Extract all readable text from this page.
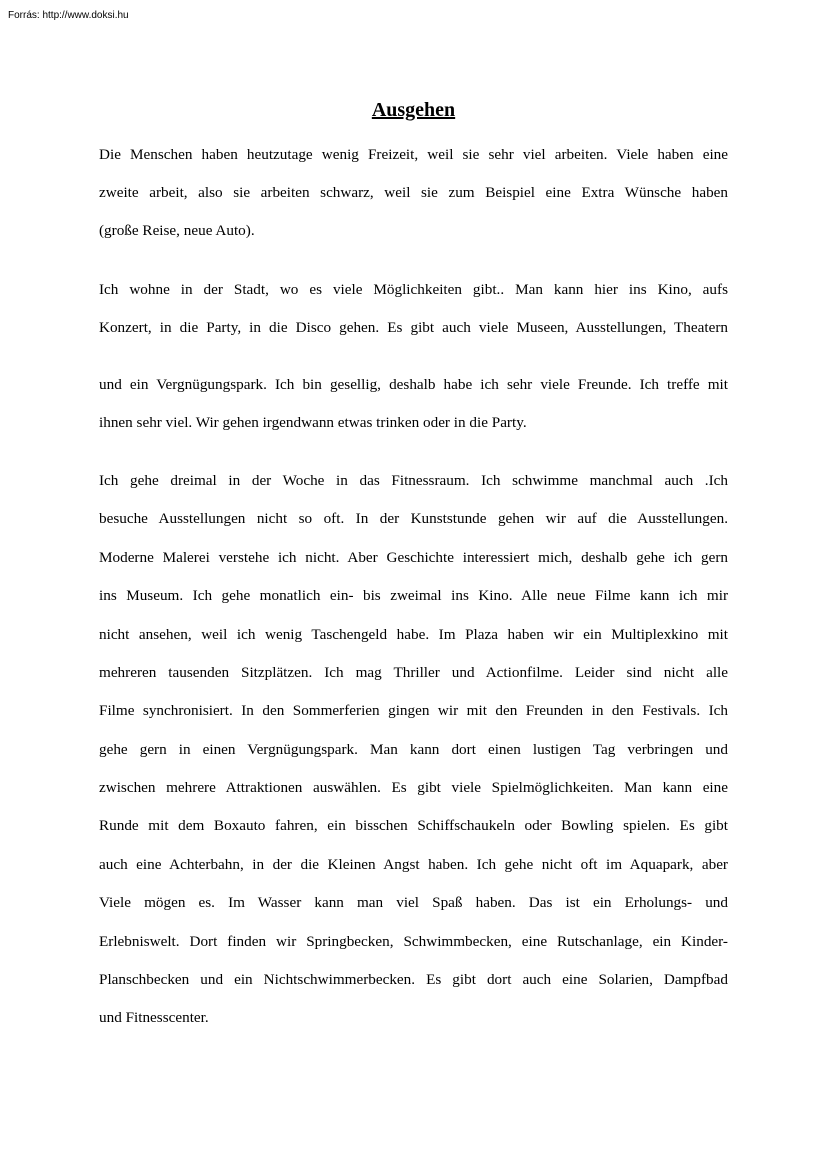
Forrás: http://www.doksi.hu
Ausgehen
Die Menschen haben heutzutage wenig Freizeit, weil sie sehr viel arbeiten. Viele haben eine
zweite arbeit, also sie arbeiten schwarz, weil sie zum Beispiel eine Extra Wünsche haben
(große Reise, neue Auto).
Ich wohne in der Stadt, wo es viele Möglichkeiten gibt.. Man kann hier ins Kino, aufs
Konzert, in die Party, in die Disco gehen. Es gibt auch viele Museen, Ausstellungen, Theatern
und ein Vergnügungspark. Ich bin gesellig, deshalb habe ich sehr viele Freunde. Ich treffe mit
ihnen sehr viel. Wir gehen irgendwann etwas trinken oder in die Party.
Ich gehe dreimal in der Woche in das Fitnessraum. Ich schwimme manchmal auch .Ich
besuche Ausstellungen nicht so oft. In der Kunststunde gehen wir auf die Ausstellungen.
Moderne Malerei verstehe ich nicht. Aber Geschichte interessiert mich, deshalb gehe ich gern
ins Museum. Ich gehe monatlich ein- bis zweimal ins Kino. Alle neue Filme kann ich mir
nicht ansehen, weil ich wenig Taschengeld habe. Im Plaza haben wir ein Multiplexkino mit
mehreren tausenden Sitzplätzen. Ich mag Thriller und Actionfilme. Leider sind nicht alle
Filme synchronisiert. In den Sommerferien gingen wir mit den Freunden in den Festivals. Ich
gehe gern in einen Vergnügungspark. Man kann dort einen lustigen Tag verbringen und
zwischen mehrere Attraktionen auswählen. Es gibt viele Spielmöglichkeiten. Man kann eine
Runde mit dem Boxauto fahren, ein bisschen Schiffschaukeln oder Bowling spielen. Es gibt
auch eine Achterbahn, in der die Kleinen Angst haben. Ich gehe nicht oft im Aquapark, aber
Viele mögen es. Im Wasser kann man viel Spaß haben. Das ist ein Erholungs- und
Erlebniswelt. Dort finden wir Springbecken, Schwimmbecken, eine Rutschanlage, ein Kinder-
Planschbecken und ein Nichtschwimmerbecken. Es gibt dort auch eine Solarien, Dampfbad
und Fitnesscenter.
